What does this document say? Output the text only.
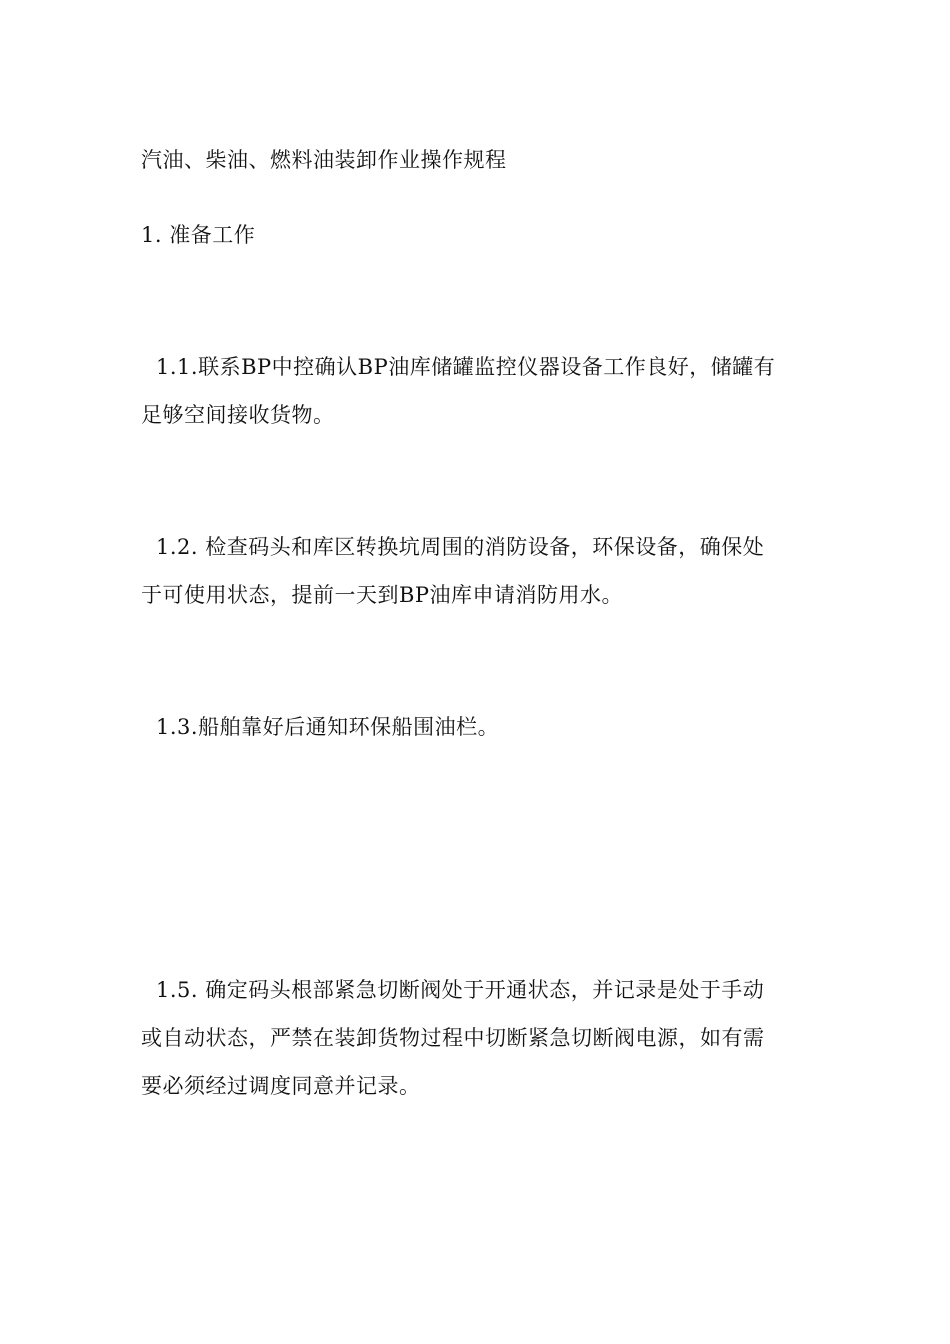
汽油、柴油、燃料油装卸作业操作规程

1. 准备工作

1.1.联系BP中控确认BP油库储罐监控仪器设备工作良好，储罐有

足够空间接收货物。

1.2. 检查码头和库区转换坑周围的消防设备，环保设备，确保处

于可使用状态，提前一天到BP油库申请消防用水。

1.3.船舶靠好后通知环保船围油栏。

1.5. 确定码头根部紧急切断阀处于开通状态，并记录是处于手动

或自动状态，严禁在装卸货物过程中切断紧急切断阀电源，如有需

要必须经过调度同意并记录。
